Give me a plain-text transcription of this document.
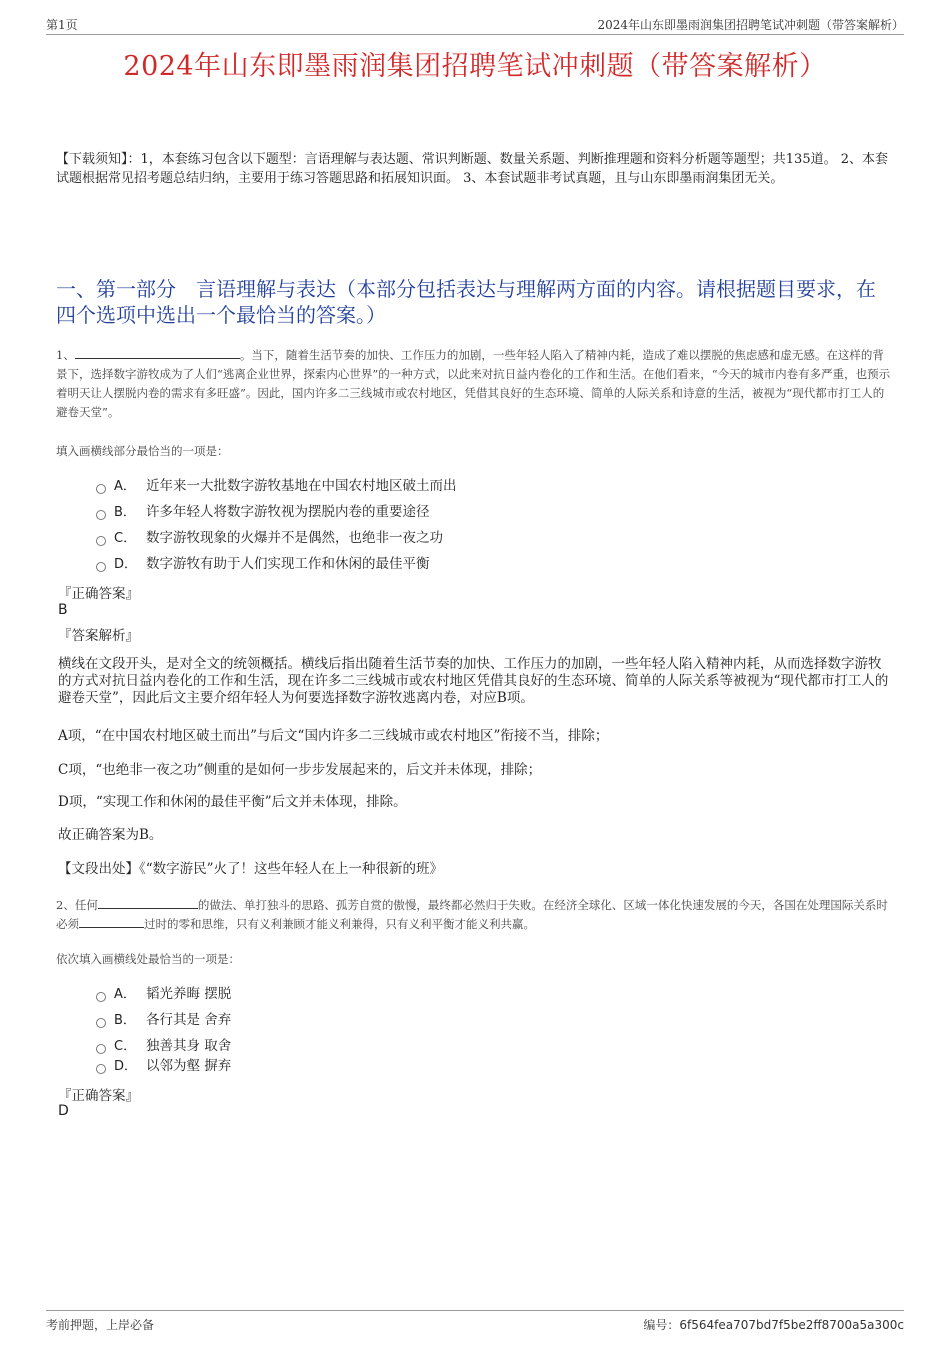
第1页	2024年山东即墨雨润集团招聘笔试冲刺题（带答案解析）
2024年山东即墨雨润集团招聘笔试冲刺题（带答案解析）
【下载须知】：1，本套练习包含以下题型：言语理解与表达题、常识判断题、数量关系题、判断推理题和资料分析题等题型；共135道。 2、本套试题根据常见招考题总结归纳，主要用于练习答题思路和拓展知识面。 3、本套试题非考试真题，且与山东即墨雨润集团无关。
一、第一部分　言语理解与表达（本部分包括表达与理解两方面的内容。请根据题目要求，在四个选项中选出一个最恰当的答案。）
1、	。当下，随着生活节奏的加快、工作压力的加剧，一些年轻人陷入了精神内耗，造成了难以摆脱的焦虑感和虚无感。在这样的背景下，选择数字游牧成为了人们“逃离企业世界，探索内心世界”的一种方式，以此来对抗日益内卷化的工作和生活。在他们看来，“今天的城市内卷有多严重，也预示着明天让人摆脱内卷的需求有多旺盛”。因此，国内许多二三线城市或农村地区，凭借其良好的生态环境、简单的人际关系和诗意的生活，被视为“现代都市打工人的避卷天堂”。
填入画横线部分最恰当的一项是：
A． 近年来一大批数字游牧基地在中国农村地区破土而出
B． 许多年轻人将数字游牧视为摆脱内卷的重要途径
C． 数字游牧现象的火爆并不是偶然，也绝非一夜之功
D． 数字游牧有助于人们实现工作和休闲的最佳平衡
『正确答案』
B
『答案解析』
横线在文段开头，是对全文的统领概括。横线后指出随着生活节奏的加快、工作压力的加剧，一些年轻人陷入精神内耗，从而选择数字游牧的方式对抗日益内卷化的工作和生活，现在许多二三线城市或农村地区凭借其良好的生态环境、简单的人际关系等被视为“现代都市打工人的避卷天堂”，因此后文主要介绍年轻人为何要选择数字游牧逃离内卷，对应B项。
A项，“在中国农村地区破土而出”与后文“国内许多二三线城市或农村地区”衔接不当，排除；
C项，“也绝非一夜之功”侧重的是如何一步步发展起来的，后文并未体现，排除；
D项，“实现工作和休闲的最佳平衡”后文并未体现，排除。
故正确答案为B。
【文段出处】《“数字游民”火了！这些年轻人在上一种很新的班》
2、任何	的做法、单打独斗的思路、孤芳自赏的傲慢，最终都必然归于失败。在经济全球化、区域一体化快速发展的今天，各国在处理国际关系时必须	过时的零和思维，只有义利兼顾才能义利兼得，只有义利平衡才能义利共赢。
依次填入画横线处最恰当的一项是：
A． 韬光养晦 摆脱
B． 各行其是 舍弃
C． 独善其身 取舍
D． 以邻为壑 摒弃
『正确答案』
D
考前押题，上岸必备	编号：6f564fea707bd7f5be2ff8700a5a300c
